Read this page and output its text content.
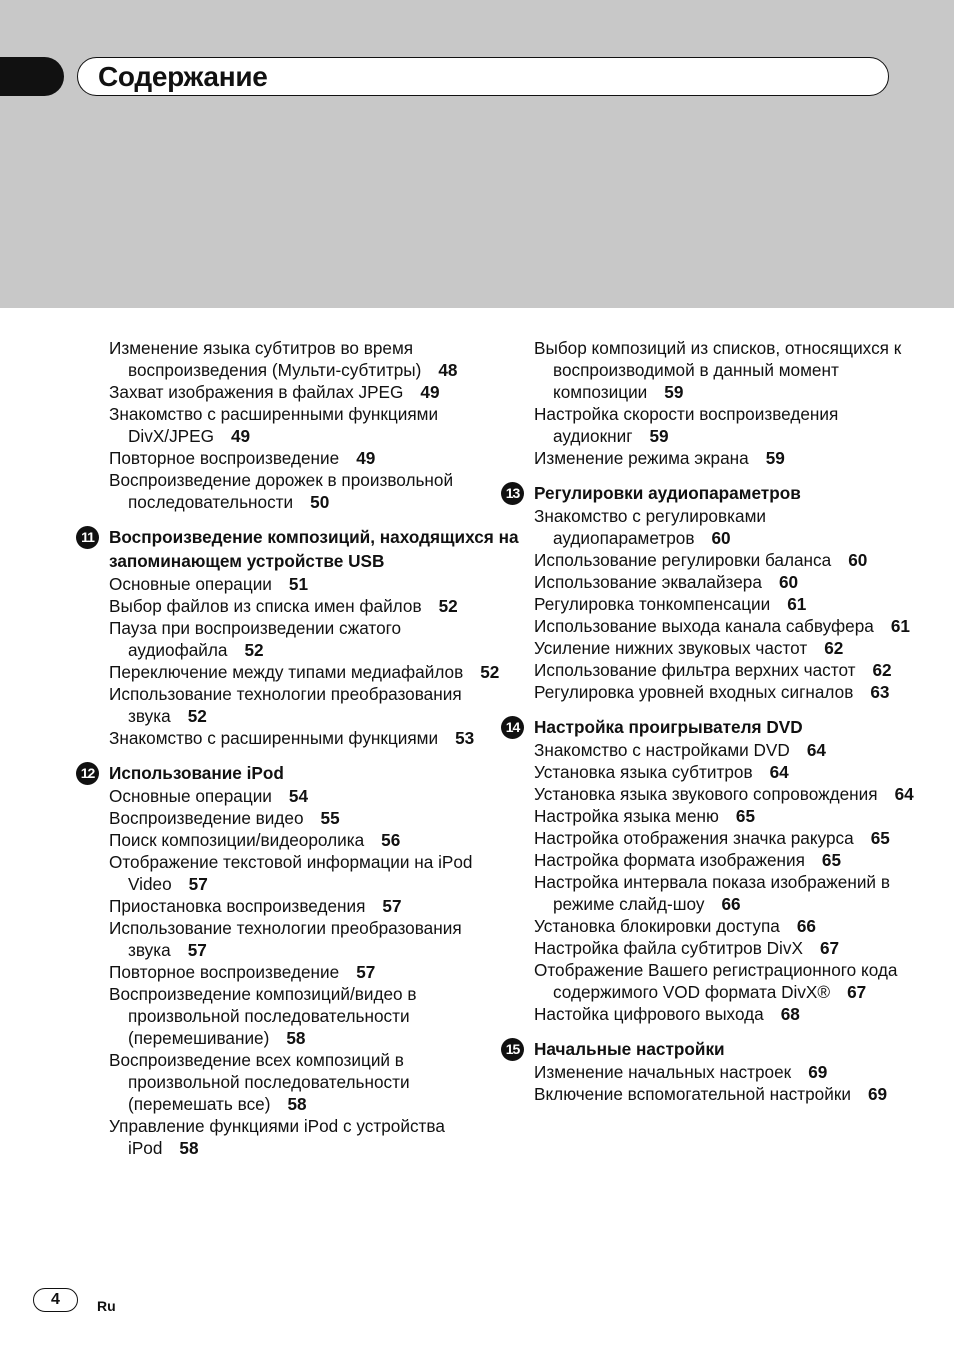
Содержание
Изменение языка субтитров во время воспроизведения (Мульти-субтитры) 48
Захват изображения в файлах JPEG 49
Знакомство с расширенными функциями DivX/JPEG 49
Повторное воспроизведение 49
Воспроизведение дорожек в произвольной последовательности 50
11 Воспроизведение композиций, находящихся на запоминающем устройстве USB
Основные операции 51
Выбор файлов из списка имен файлов 52
Пауза при воспроизведении сжатого аудиофайла 52
Переключение между типами медиафайлов 52
Использование технологии преобразования звука 52
Знакомство с расширенными функциями 53
12 Использование iPod
Основные операции 54
Воспроизведение видео 55
Поиск композиции/видеоролика 56
Отображение текстовой информации на iPod Video 57
Приостановка воспроизведения 57
Использование технологии преобразования звука 57
Повторное воспроизведение 57
Воспроизведение композиций/видео в произвольной последовательности (перемешивание) 58
Воспроизведение всех композиций в произвольной последовательности (перемешать все) 58
Управление функциями iPod с устройства iPod 58
Выбор композиций из списков, относящихся к воспроизводимой в данный момент композиции 59
Настройка скорости воспроизведения аудиокниг 59
Изменение режима экрана 59
13 Регулировки аудиопараметров
Знакомство с регулировками аудиопараметров 60
Использование регулировки баланса 60
Использование эквалайзера 60
Регулировка тонкомпенсации 61
Использование выхода канала сабвуфера 61
Усиление нижних звуковых частот 62
Использование фильтра верхних частот 62
Регулировка уровней входных сигналов 63
14 Настройка проигрывателя DVD
Знакомство с настройками DVD 64
Установка языка субтитров 64
Установка языка звукового сопровождения 64
Настройка языка меню 65
Настройка отображения значка ракурса 65
Настройка формата изображения 65
Настройка интервала показа изображений в режиме слайд-шоу 66
Установка блокировки доступа 66
Настройка файла субтитров DivX 67
Отображение Вашего регистрационного кода содержимого VOD формата DivX® 67
Настойка цифрового выхода 68
15 Начальные настройки
Изменение начальных настроек 69
Включение вспомогательной настройки 69
4	Ru
